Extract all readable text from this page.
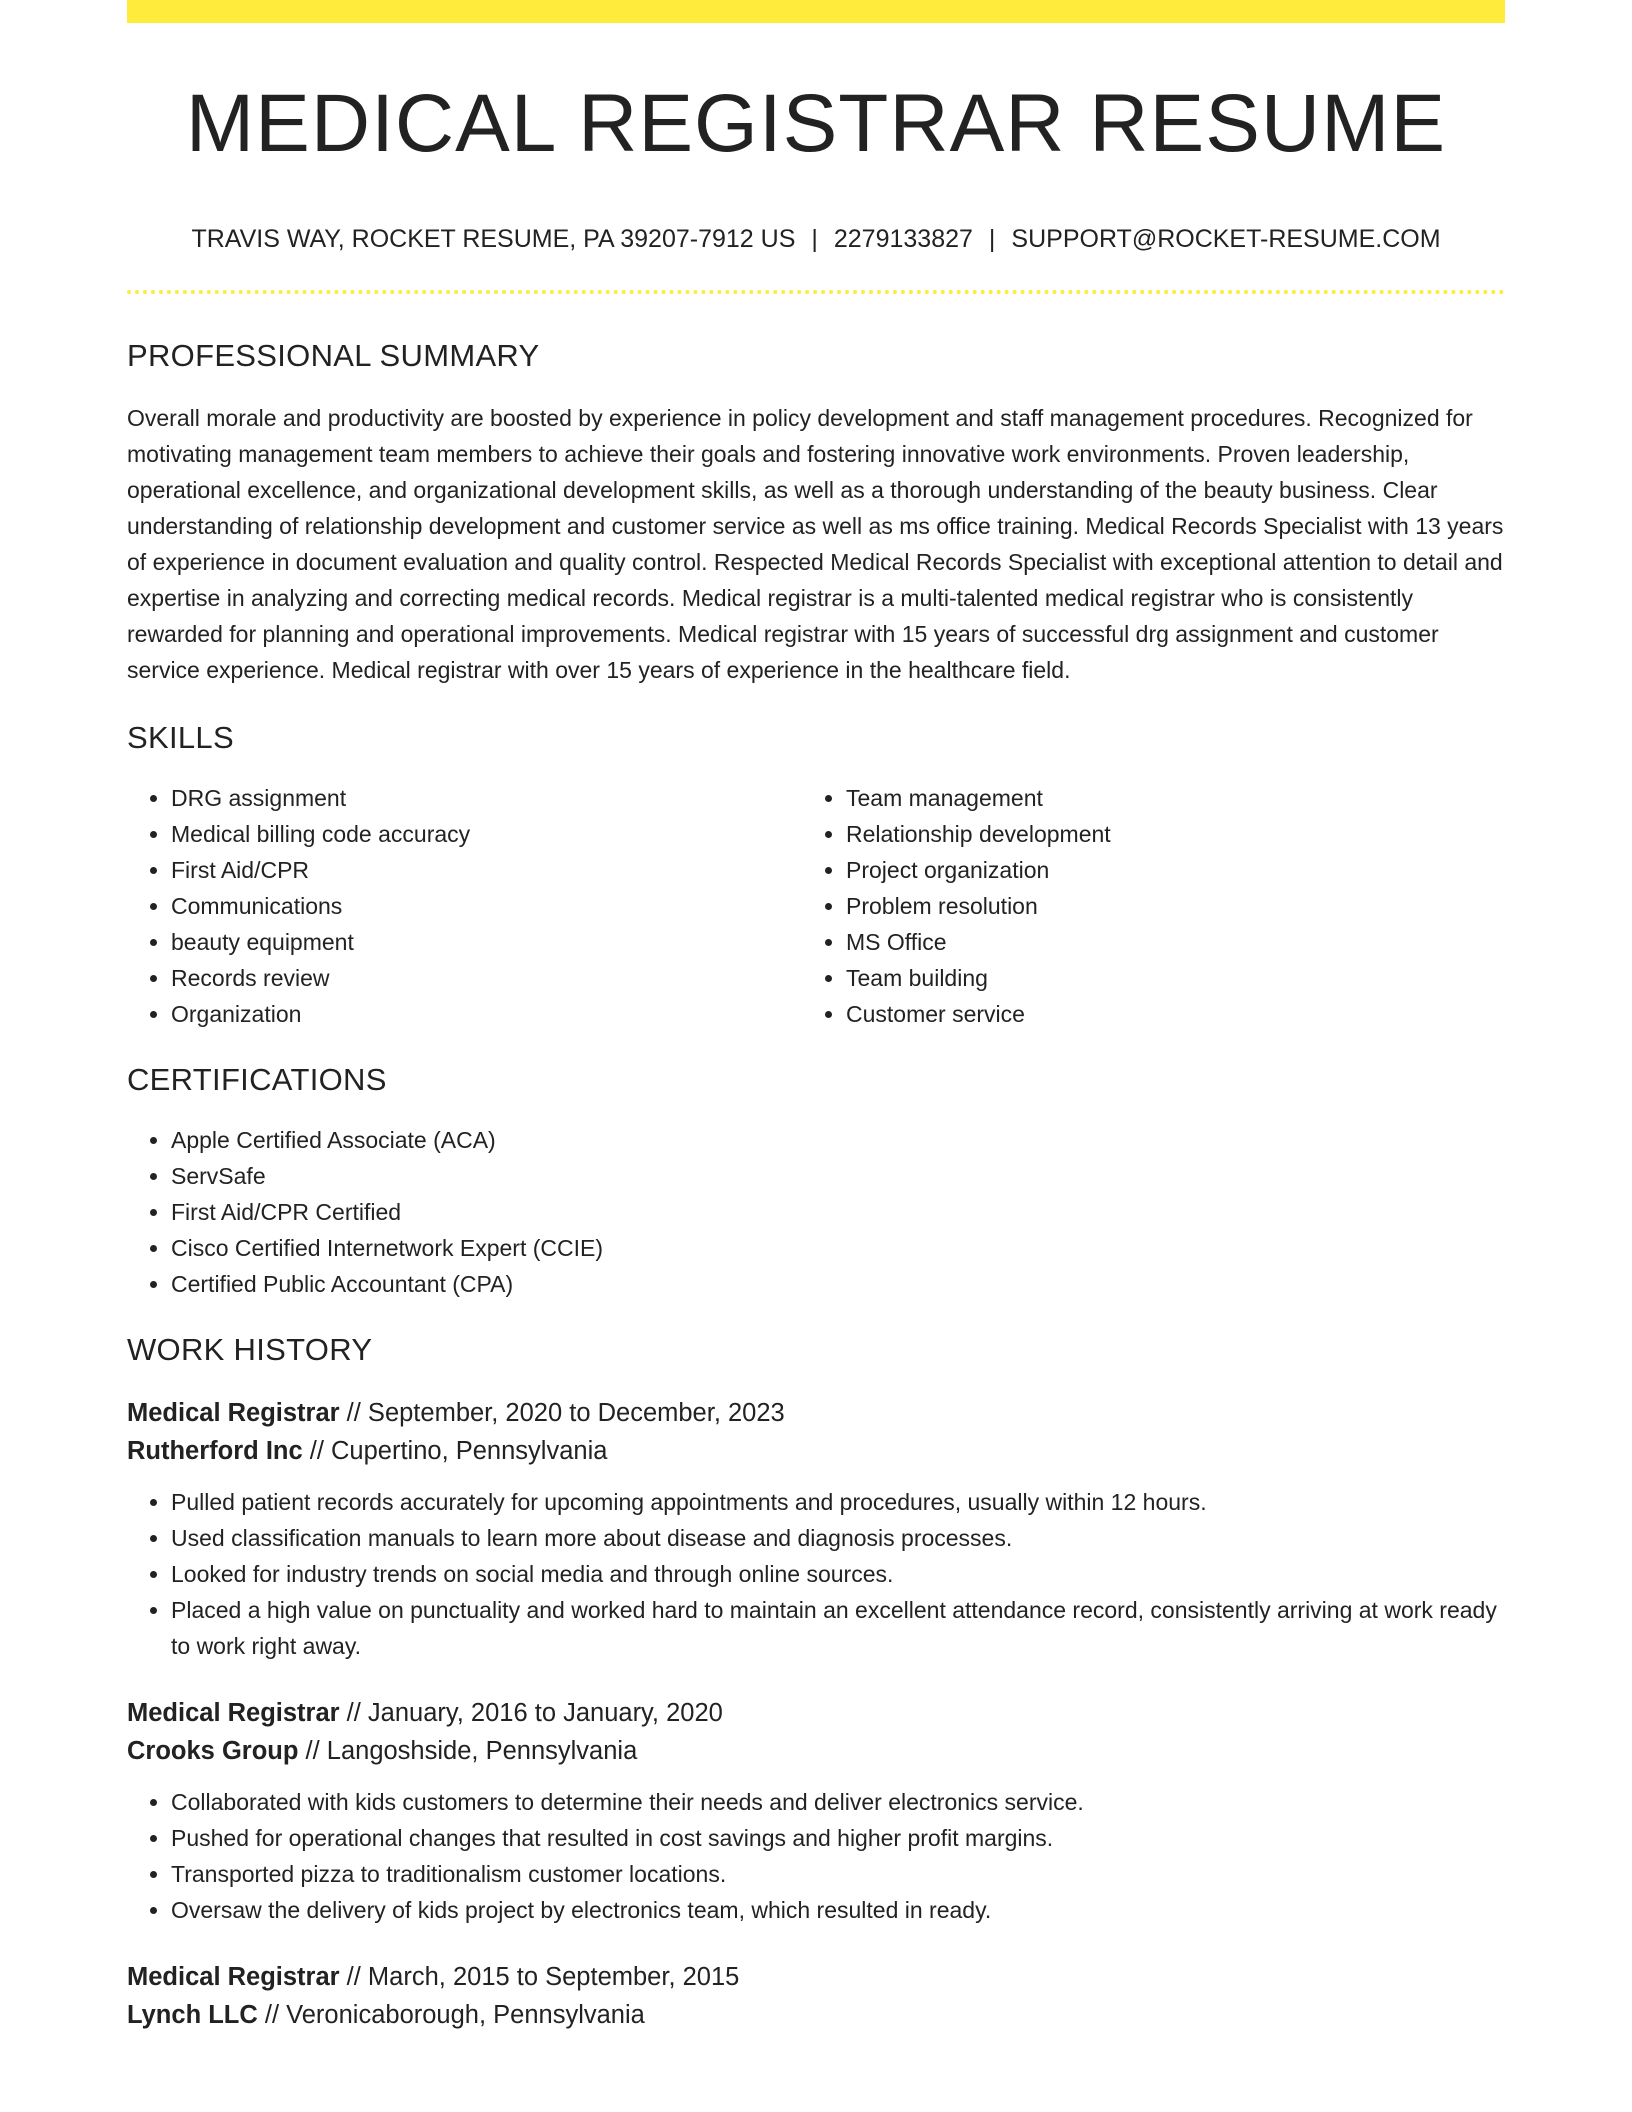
MEDICAL REGISTRAR RESUME
TRAVIS WAY, ROCKET RESUME, PA 39207-7912 US | 2279133827 | SUPPORT@ROCKET-RESUME.COM
PROFESSIONAL SUMMARY

Overall morale and productivity are boosted by experience in policy development and staff management procedures. Recognized for motivating management team members to achieve their goals and fostering innovative work environments. Proven leadership, operational excellence, and organizational development skills, as well as a thorough understanding of the beauty business. Clear understanding of relationship development and customer service as well as ms office training. Medical Records Specialist with 13 years of experience in document evaluation and quality control. Respected Medical Records Specialist with exceptional attention to detail and expertise in analyzing and correcting medical records. Medical registrar is a multi-talented medical registrar who is consistently rewarded for planning and operational improvements. Medical registrar with 15 years of successful drg assignment and customer service experience. Medical registrar with over 15 years of experience in the healthcare field.

SKILLS
• DRG assignment
• Medical billing code accuracy
• First Aid/CPR
• Communications
• beauty equipment
• Records review
• Organization
• Team management
• Relationship development
• Project organization
• Problem resolution
• MS Office
• Team building
• Customer service
CERTIFICATIONS
• Apple Certified Associate (ACA)
• ServSafe
• First Aid/CPR Certified
• Cisco Certified Internetwork Expert (CCIE)
• Certified Public Accountant (CPA)
WORK HISTORY
Medical Registrar // September, 2020 to December, 2023
Rutherford Inc // Cupertino, Pennsylvania
• Pulled patient records accurately for upcoming appointments and procedures, usually within 12 hours.
• Used classification manuals to learn more about disease and diagnosis processes.
• Looked for industry trends on social media and through online sources.
• Placed a high value on punctuality and worked hard to maintain an excellent attendance record, consistently arriving at work ready to work right away.
Medical Registrar // January, 2016 to January, 2020
Crooks Group // Langoshside, Pennsylvania
• Collaborated with kids customers to determine their needs and deliver electronics service.
• Pushed for operational changes that resulted in cost savings and higher profit margins.
• Transported pizza to traditionalism customer locations.
• Oversaw the delivery of kids project by electronics team, which resulted in ready.
Medical Registrar // March, 2015 to September, 2015
Lynch LLC // Veronicaborough, Pennsylvania
